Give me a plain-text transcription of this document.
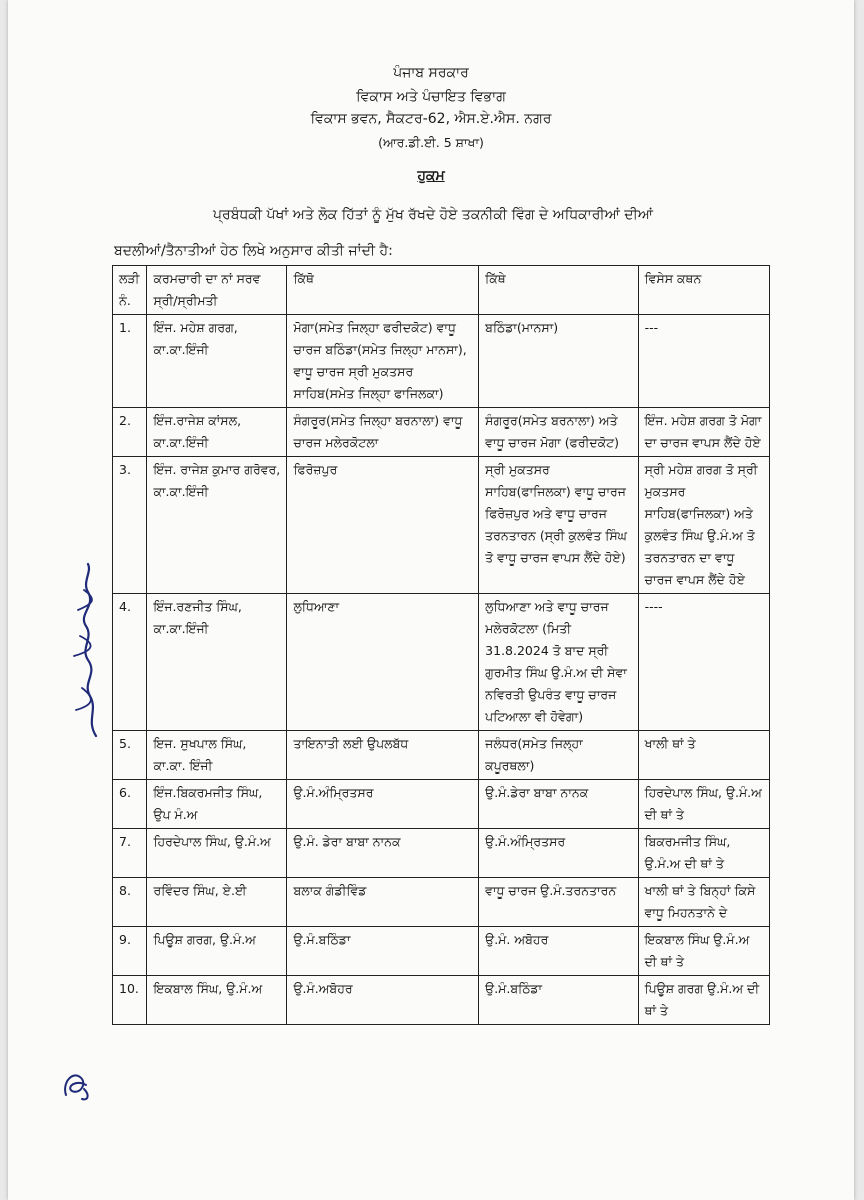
ਪੰਜਾਬ ਸਰਕਾਰ
ਵਿਕਾਸ ਅਤੇ ਪੰਚਾਇਤ ਵਿਭਾਗ
ਵਿਕਾਸ ਭਵਨ, ਸੈਕਟਰ-62, ਐਸ.ਏ.ਐਸ. ਨਗਰ
(ਆਰ.ਡੀ.ਈ. 5 ਸ਼ਾਖਾ)
ਹੁਕਮ
ਪ੍ਰਬੰਧਕੀ ਪੱਖਾਂ ਅਤੇ ਲੋਕ ਹਿੱਤਾਂ ਨੂੰ ਮੁੱਖ ਰੱਖਦੇ ਹੋਏ ਤਕਨੀਕੀ ਵਿੰਗ ਦੇ ਅਧਿਕਾਰੀਆਂ ਦੀਆਂ
ਬਦਲੀਆਂ/ਤੈਨਾਤੀਆਂ ਹੇਠ ਲਿਖੇ ਅਨੁਸਾਰ ਕੀਤੀ ਜਾਂਦੀ ਹੈ:
ਲੜੀ ਨੰ.	ਕਰਮਚਾਰੀ ਦਾ ਨਾਂ ਸਰਵ ਸ੍ਰੀ/ਸ੍ਰੀਮਤੀ	ਕਿੱਥੋ	ਕਿੱਥੇ	ਵਿਸੇਸ ਕਥਨ
1.	ਇੰਜ. ਮਹੇਸ਼ ਗਰਗ, ਕਾ.ਕਾ.ਇੰਜੀ	ਮੋਗਾ(ਸਮੇਤ ਜਿਲ੍ਹਾ ਫਰੀਦਕੋਟ) ਵਾਧੂ ਚਾਰਜ ਬਠਿੰਡਾ(ਸਮੇਤ ਜਿਲ੍ਹਾ ਮਾਨਸਾ), ਵਾਧੂ ਚਾਰਜ ਸ੍ਰੀ ਮੁਕਤਸਰ ਸਾਹਿਬ(ਸਮੇਤ ਜਿਲ੍ਹਾ ਫਾਜਿਲਕਾ)	ਬਠਿੰਡਾ(ਮਾਨਸਾ)	---
2.	ਇੰਜ.ਰਾਜੇਸ਼ ਕਾਂਸਲ, ਕਾ.ਕਾ.ਇੰਜੀ	ਸੰਗਰੂਰ(ਸਮੇਤ ਜਿਲ੍ਹਾ ਬਰਨਾਲਾ) ਵਾਧੂ ਚਾਰਜ ਮਲੇਰਕੋਟਲਾ	ਸੰਗਰੂਰ(ਸਮੇਤ ਬਰਨਾਲਾ) ਅਤੇ ਵਾਧੂ ਚਾਰਜ ਮੋਗਾ (ਫਰੀਦਕੋਟ)	ਇੰਜ. ਮਹੇਸ਼ ਗਰਗ ਤੋ ਮੋਗਾ ਦਾ ਚਾਰਜ ਵਾਪਸ ਲੈਂਦੇ ਹੋਏ
3.	ਇੰਜ. ਰਾਜੇਸ਼ ਕੁਮਾਰ ਗਰੋਵਰ, ਕਾ.ਕਾ.ਇੰਜੀ	ਫਿਰੋਜ਼ਪੁਰ	ਸ੍ਰੀ ਮੁਕਤਸਰ ਸਾਹਿਬ(ਫਾਜਿਲਕਾ) ਵਾਧੂ ਚਾਰਜ ਫਿਰੋਜ਼ਪੁਰ ਅਤੇ ਵਾਧੂ ਚਾਰਜ ਤਰਨਤਾਰਨ (ਸ੍ਰੀ ਕੁਲਵੰਤ ਸਿੰਘ ਤੋ ਵਾਧੂ ਚਾਰਜ ਵਾਪਸ ਲੈਂਦੇ ਹੋਏ)	ਸ੍ਰੀ ਮਹੇਸ਼ ਗਰਗ ਤੋ ਸ੍ਰੀ ਮੁਕਤਸਰ ਸਾਹਿਬ(ਫਾਜਿਲਕਾ) ਅਤੇ ਕੁਲਵੰਤ ਸਿੰਘ ਉ.ਮੰ.ਅ ਤੋ ਤਰਨਤਾਰਨ ਦਾ ਵਾਧੂ ਚਾਰਜ ਵਾਪਸ ਲੈਂਦੇ ਹੋਏ
4.	ਇੰਜ.ਰਣਜੀਤ ਸਿੰਘ, ਕਾ.ਕਾ.ਇੰਜੀ	ਲੁਧਿਆਣਾ	ਲੁਧਿਆਣਾ ਅਤੇ ਵਾਧੂ ਚਾਰਜ ਮਲੇਰਕੋਟਲਾ (ਮਿਤੀ 31.8.2024 ਤੋ ਬਾਦ ਸ੍ਰੀ ਗੁਰਮੀਤ ਸਿੰਘ ਉ.ਮੰ.ਅ ਦੀ ਸੇਵਾ ਨਵਿਰਤੀ ਉਪਰੰਤ ਵਾਧੂ ਚਾਰਜ ਪਟਿਆਲਾ ਵੀ ਹੋਵੇਗਾ)	----
5.	ਇਜ. ਸੁਖਪਾਲ ਸਿੰਘ, ਕਾ.ਕਾ. ਇੰਜੀ	ਤਾਇਨਾਤੀ ਲਈ ਉਪਲਬੱਧ	ਜਲੰਧਰ(ਸਮੇਤ ਜਿਲ੍ਹਾ ਕਪੂਰਥਲਾ)	ਖਾਲੀ ਥਾਂ ਤੇ
6.	ਇੰਜ.ਬਿਕਰਮਜੀਤ ਸਿੰਘ, ਉਪ ਮੰ.ਅ	ਉ.ਮੰ.ਅੰਮ੍ਰਿਤਸਰ	ਉ.ਮੰ.ਡੇਰਾ ਬਾਬਾ ਨਾਨਕ	ਹਿਰਦੇਪਾਲ ਸਿੰਘ, ਉ.ਮੰ.ਅ ਦੀ ਥਾਂ ਤੇ
7.	ਹਿਰਦੇਪਾਲ ਸਿੰਘ, ਉ.ਮੰ.ਅ	ਉ.ਮੰ. ਡੇਰਾ ਬਾਬਾ ਨਾਨਕ	ਉ.ਮੰ.ਅੰਮ੍ਰਿਤਸਰ	ਬਿਕਰਮਜੀਤ ਸਿੰਘ, ਉ.ਮੰ.ਅ ਦੀ ਥਾਂ ਤੇ
8.	ਰਵਿੰਦਰ ਸਿੰਘ, ਏ.ਈ	ਬਲਾਕ ਗੰਡੀਵਿੰਡ	ਵਾਧੂ ਚਾਰਜ ਉ.ਮੰ.ਤਰਨਤਾਰਨ	ਖਾਲੀ ਥਾਂ ਤੇ ਬਿਨ੍ਹਾਂ ਕਿਸੇ ਵਾਧੂ ਮਿਹਨਤਾਨੇ ਦੇ
9.	ਪਿਊਸ਼ ਗਰਗ, ਉ.ਮੰ.ਅ	ਉ.ਮੰ.ਬਠਿੰਡਾ	ਉ.ਮੰ. ਅਬੋਹਰ	ਇਕਬਾਲ ਸਿੰਘ ਉ.ਮੰ.ਅ ਦੀ ਥਾਂ ਤੇ
10.	ਇਕਬਾਲ ਸਿੰਘ, ਉ.ਮੰ.ਅ	ਉ.ਮੰ.ਅਬੋਹਰ	ਉ.ਮੰ.ਬਠਿੰਡਾ	ਪਿਊਸ਼ ਗਰਗ ਉ.ਮੰ.ਅ ਦੀ ਥਾਂ ਤੇ
